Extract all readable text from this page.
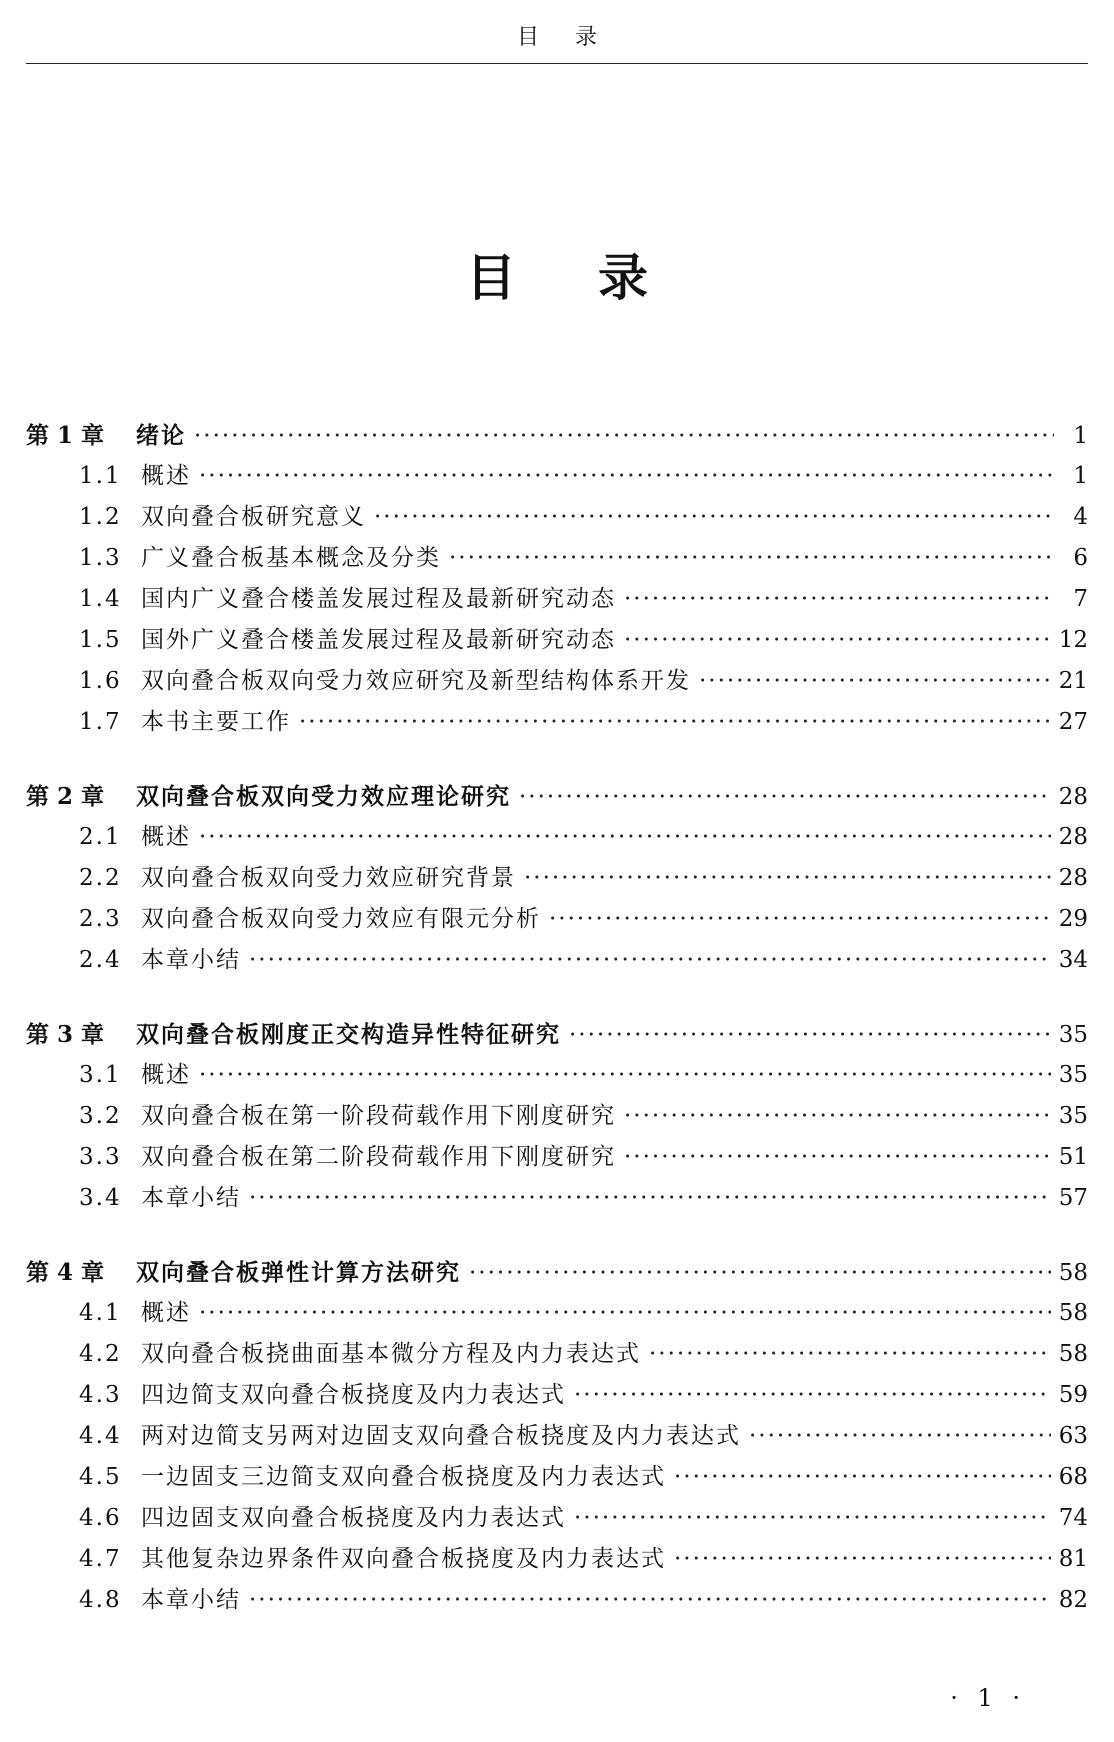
目录
目录
第 1 章	绪论 ·····	1
1.1 概述 ·····	1
1.2 双向叠合板研究意义 ·····	4
1.3 广义叠合板基本概念及分类 ·····	6
1.4 国内广义叠合楼盖发展过程及最新研究动态 ·····	7
1.5 国外广义叠合楼盖发展过程及最新研究动态 ·····	12
1.6 双向叠合板双向受力效应研究及新型结构体系开发 ·····	21
1.7 本书主要工作 ·····	27
第 2 章	双向叠合板双向受力效应理论研究 ·····	28
2.1 概述 ·····	28
2.2 双向叠合板双向受力效应研究背景 ·····	28
2.3 双向叠合板双向受力效应有限元分析 ·····	29
2.4 本章小结 ·····	34
第 3 章	双向叠合板刚度正交构造异性特征研究 ·····	35
3.1 概述 ·····	35
3.2 双向叠合板在第一阶段荷载作用下刚度研究 ·····	35
3.3 双向叠合板在第二阶段荷载作用下刚度研究 ·····	51
3.4 本章小结 ·····	57
第 4 章	双向叠合板弹性计算方法研究 ·····	58
4.1 概述 ·····	58
4.2 双向叠合板挠曲面基本微分方程及内力表达式 ·····	58
4.3 四边简支双向叠合板挠度及内力表达式 ·····	59
4.4 两对边简支另两对边固支双向叠合板挠度及内力表达式 ·····	63
4.5 一边固支三边简支双向叠合板挠度及内力表达式 ·····	68
4.6 四边固支双向叠合板挠度及内力表达式 ·····	74
4.7 其他复杂边界条件双向叠合板挠度及内力表达式 ·····	81
4.8 本章小结 ·····	82
· 1 ·
